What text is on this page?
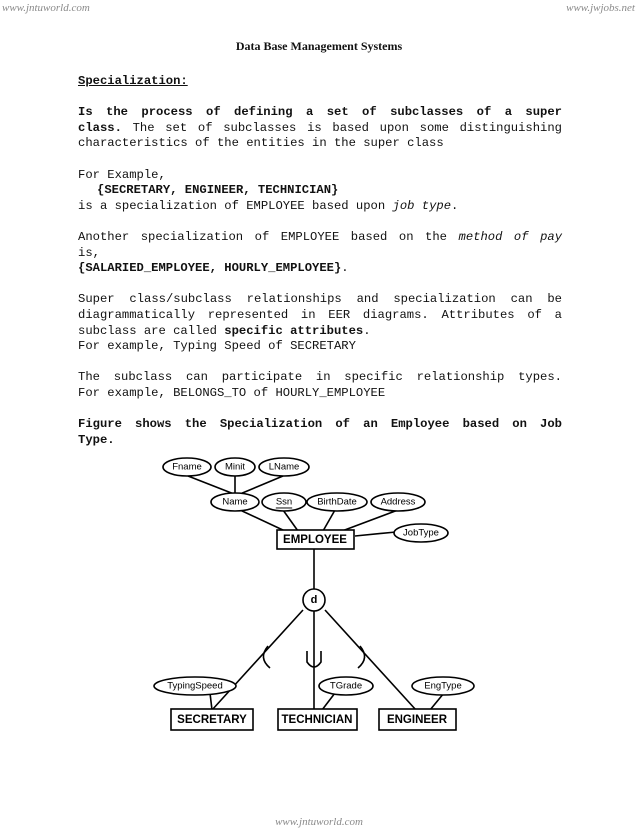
www.jntuworld.com	www.jwjobs.net
Data Base Management Systems

Specialization:

Is the process of defining a set of subclasses of a super

class. The set of subclasses is based upon some distinguishing

characteristics of the entities in the super class

For Example,

{SECRETARY, ENGINEER, TECHNICIAN}

is a specialization of EMPLOYEE based upon job type.

Another specialization of EMPLOYEE based on the method of pay

is,

{SALARIED_EMPLOYEE, HOURLY_EMPLOYEE}.

Super class/subclass relationships and specialization can be

diagrammatically represented in EER diagrams. Attributes of a

subclass are called specific attributes.

For example, Typing Speed of SECRETARY

The subclass can participate in specific relationship types.

For example, BELONGS_TO of HOURLY_EMPLOYEE

Figure shows the Specialization of an Employee based on Job

Type.

Fname Minit LName
Name	Ssn	BirthDate	Address
JobType
TypingSpeed	TGrade	EngType
EMPLOYEE
d
SECRETARY	TECHNICIAN	ENGINEER
www.jntuworld.com
